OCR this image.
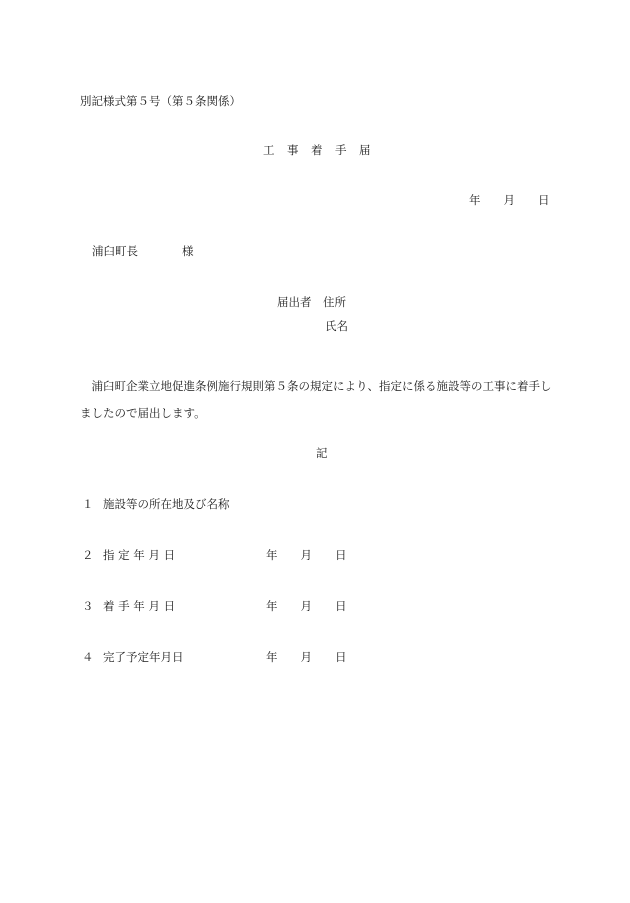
別記様式第５号（第５条関係）
工　事　着　手　届
年　　月　　日
浦臼町長	様
届出者　住所
氏名
浦臼町企業立地促進条例施行規則第５条の規定により、指定に係る施設等の工事に着手しましたので届出します。
記
１ 施設等の所在地及び名称
２ 指 定 年 月 日	年　　月　　日
３ 着 手 年 月 日	年　　月　　日
４ 完了予定年月日	年　　月　　日
